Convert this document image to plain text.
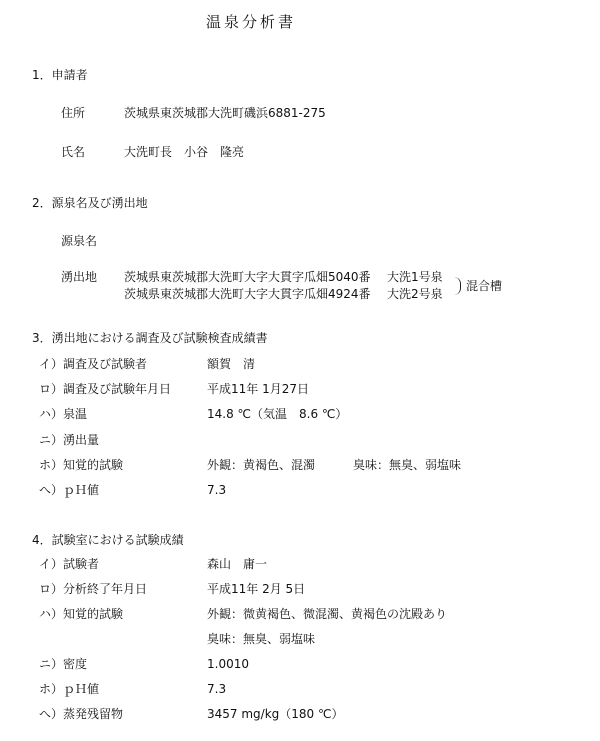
温泉分析書
1．申請者
住所	茨城県東茨城郡大洗町磯浜6881-275
氏名	大洗町長　小谷　隆亮
2．源泉名及び湧出地
源泉名
湧出地 茨城県東茨城郡大洗町大字大貫字瓜畑5040番 大洗1号泉
茨城県東茨城郡大洗町大字大貫字瓜畑4924番 大洗2号泉
混合槽
3．湧出地における調査及び試験検査成績書
イ）調査及び試験者	額賀　清
ロ）調査及び試験年月日	平成11年 1月27日
ハ）泉温	14.8 ℃（気温　8.6 ℃）
ニ）湧出量
ホ）知覚的試験	外観：黄褐色、混濁	臭味：無臭、弱塩味
へ）ｐＨ値	7.3
4．試験室における試験成績
イ）試験者	森山　庸一
ロ）分析終了年月日	平成11年 2月 5日
ハ）知覚的試験	外観：微黄褐色、微混濁、黄褐色の沈殿あり
臭味：無臭、弱塩味
ニ）密度	1.0010
ホ）ｐＨ値	7.3
へ）蒸発残留物	3457 mg/kg（180 ℃）
